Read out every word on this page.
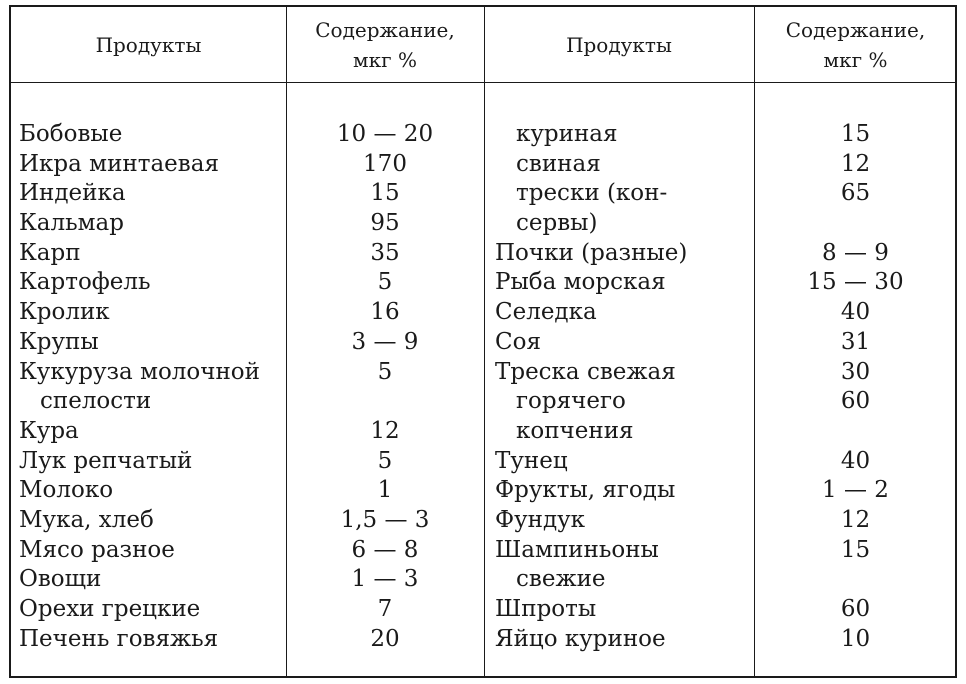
Продукты
Содержание,
мкг %
Продукты
Содержание,
мкг %
Бобовые
Икра минтаевая
Индейка
Кальмар
Карп
Картофель
Кролик
Крупы
Кукуруза молочной
спелости
Кура
Лук репчатый
Молоко
Мука, хлеб
Мясо разное
Овощи
Орехи грецкие
Печень говяжья
10 — 20
170
15
95
35
5
16
3 — 9
5
12
5
1
1,5 — 3
6 — 8
1 — 3
7
20
куриная
свиная
трески (кон-
сервы)
Почки (разные)
Рыба морская
Селедка
Соя
Треска свежая
горячего
копчения
Тунец
Фрукты, ягоды
Фундук
Шампиньоны
свежие
Шпроты
Яйцо куриное
15
12
65
8 — 9
15 — 30
40
31
30
60
40
1 — 2
12
15
60
10
